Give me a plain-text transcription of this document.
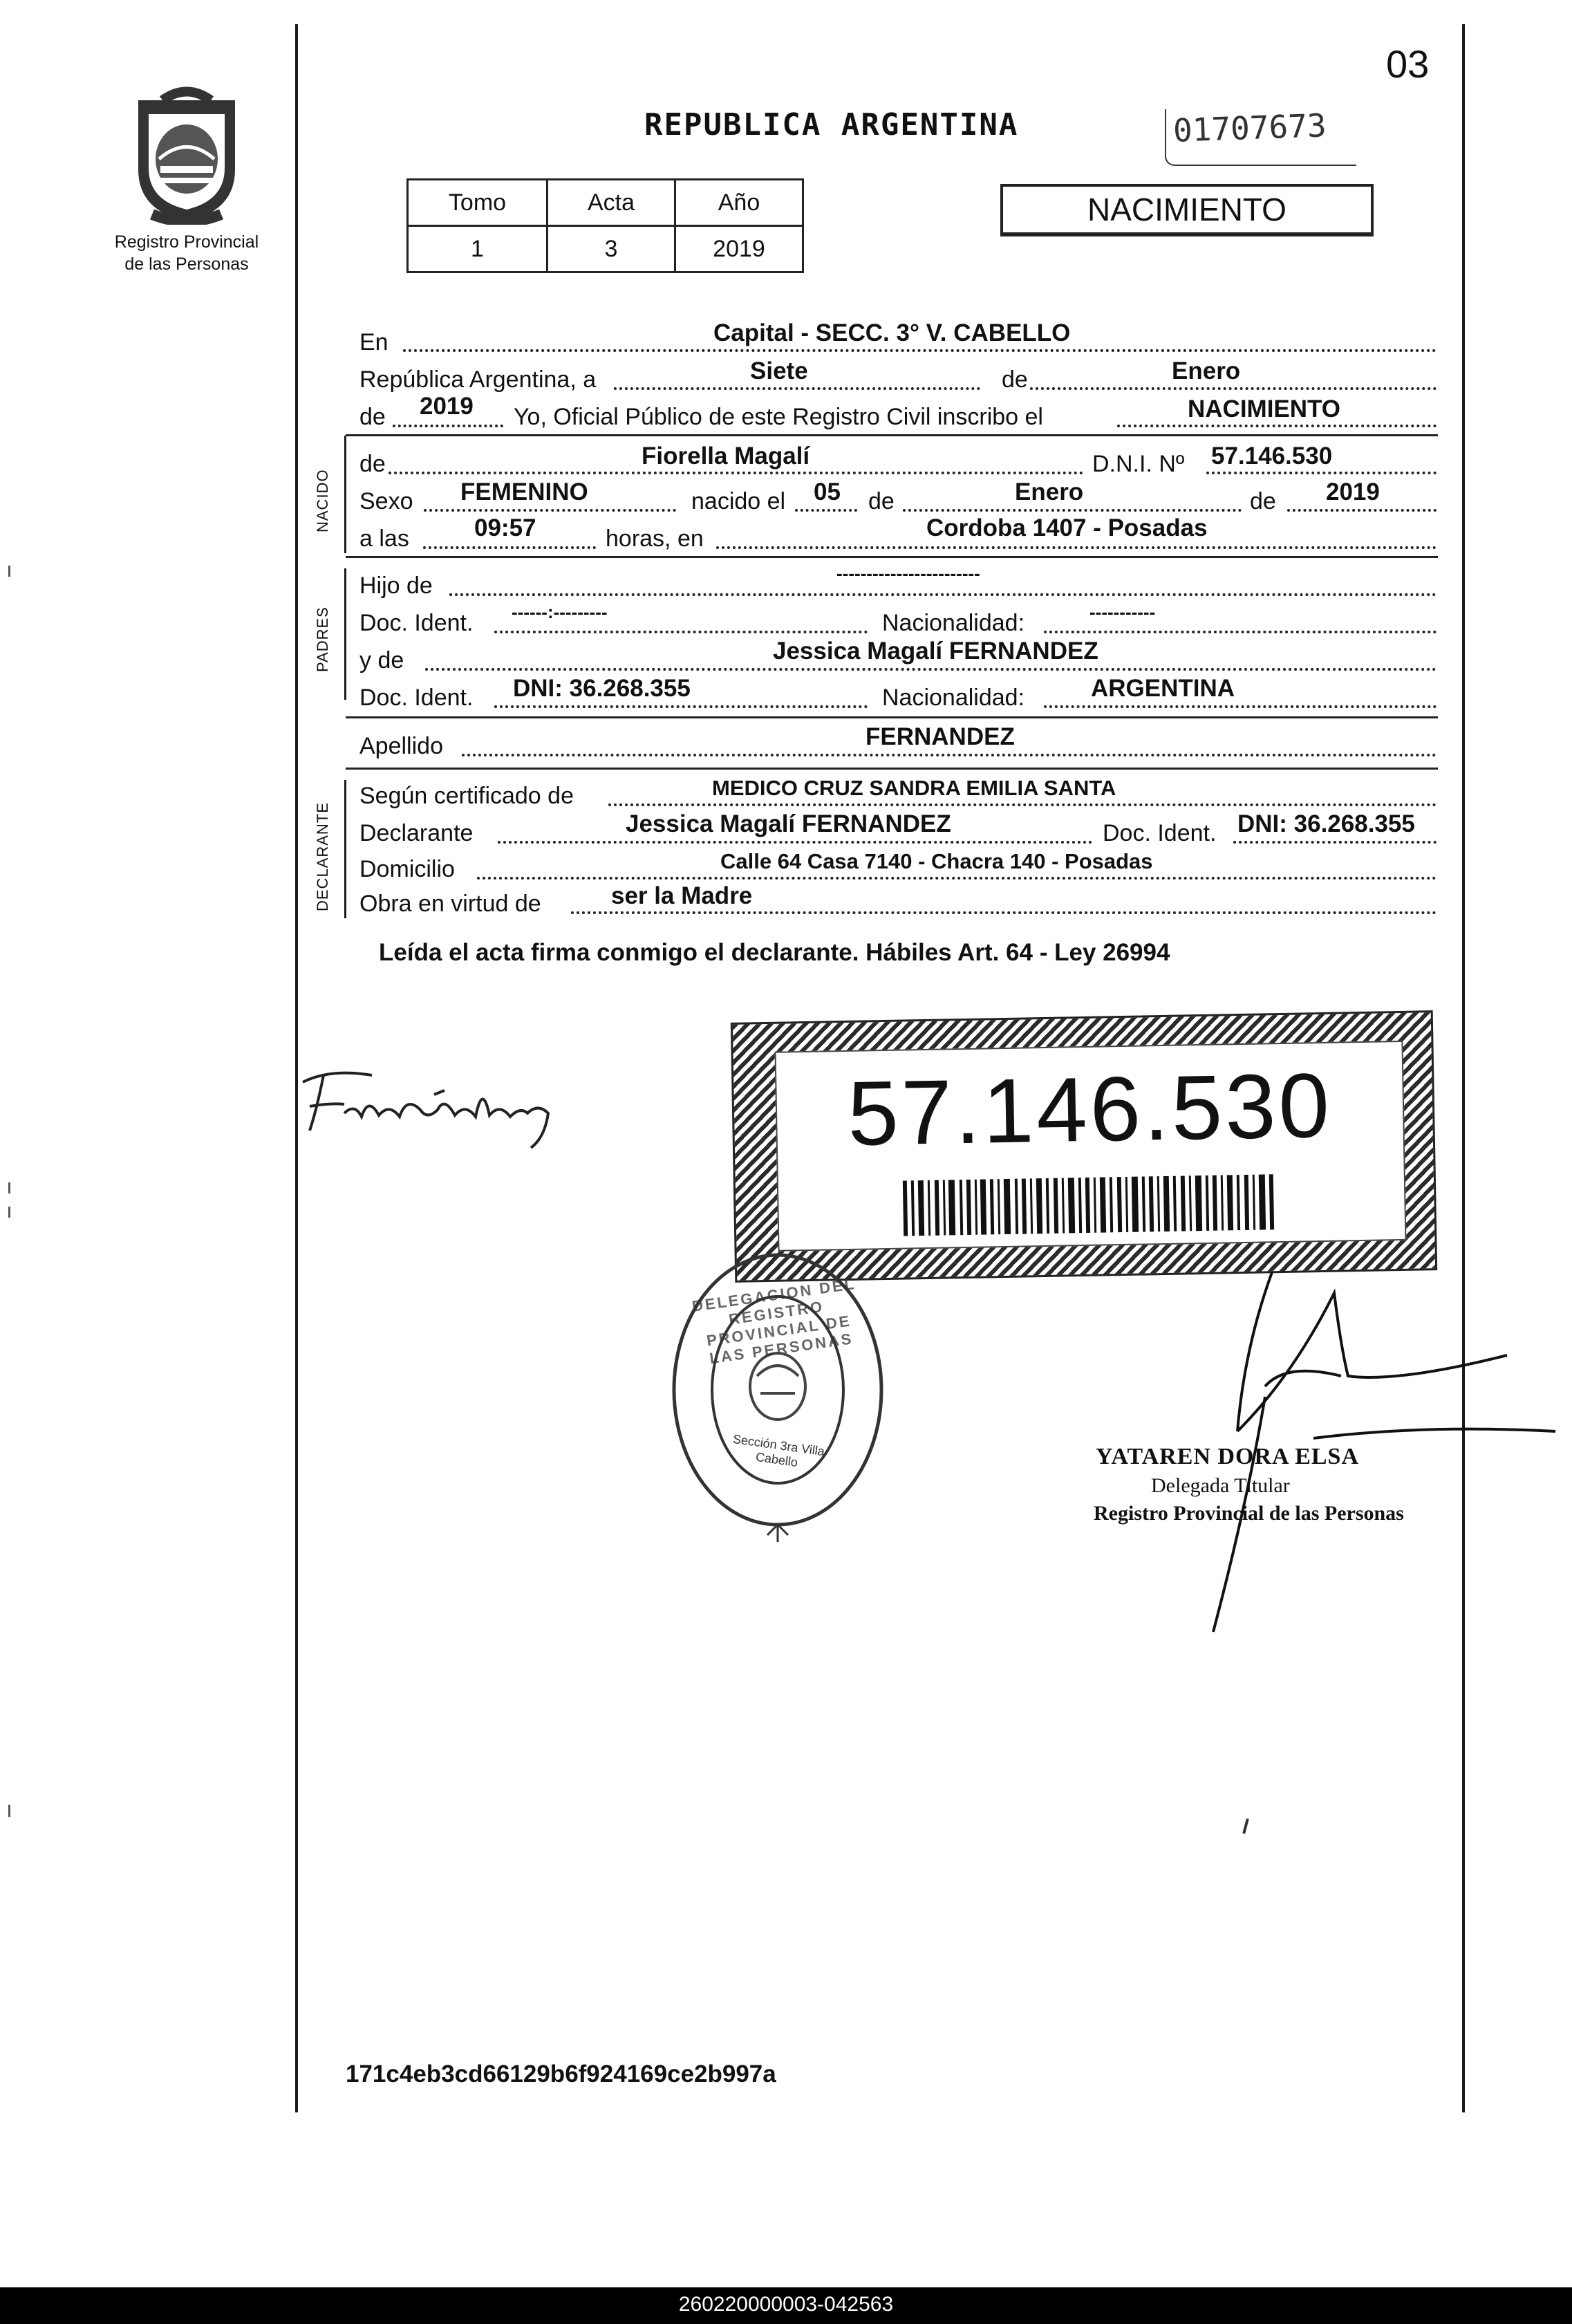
03
01707673
Registro Provincial
de las Personas
REPUBLICA ARGENTINA
Tomo	Acta	Año
1	3	2019
NACIMIENTO
En	Capital - SECC. 3° V. CABELLO
República Argentina, a	Siete	de	Enero
de 2019 Yo, Oficial Público de este Registro Civil inscribo el	NACIMIENTO
NACIDO
de	Fiorella Magalí	D.N.I. Nº 57.146.530
Sexo FEMENINO	nacido el 05 de	Enero	de 2019
a las	09:57	horas, en	Cordoba 1407 - Posadas
PADRES
Hijo de	------------------------
Doc. Ident. ------:---------	Nacionalidad:	-----------
y de	Jessica Magalí FERNANDEZ
Doc. Ident. DNI: 36.268.355	Nacionalidad:	ARGENTINA
Apellido	FERNANDEZ
DECLARANTE
Según certificado de	MEDICO CRUZ SANDRA EMILIA SANTA
Declarante	Jessica Magalí FERNANDEZ	Doc. Ident. DNI: 36.268.355
Domicilio	Calle 64 Casa 7140 - Chacra 140 - Posadas
Obra en virtud de	ser la Madre
Leída el acta firma conmigo el declarante. Hábiles Art. 64 - Ley 26994
57.146.530
DELEGACION DEL REGISTRO PROVINCIAL DE LAS PERSONAS
Sección 3ra Villa Cabello	YATAREN DORA ELSA
Delegada Titular
Registro Provincial de las Personas
171c4eb3cd66129b6f924169ce2b997a
260220000003-042563
